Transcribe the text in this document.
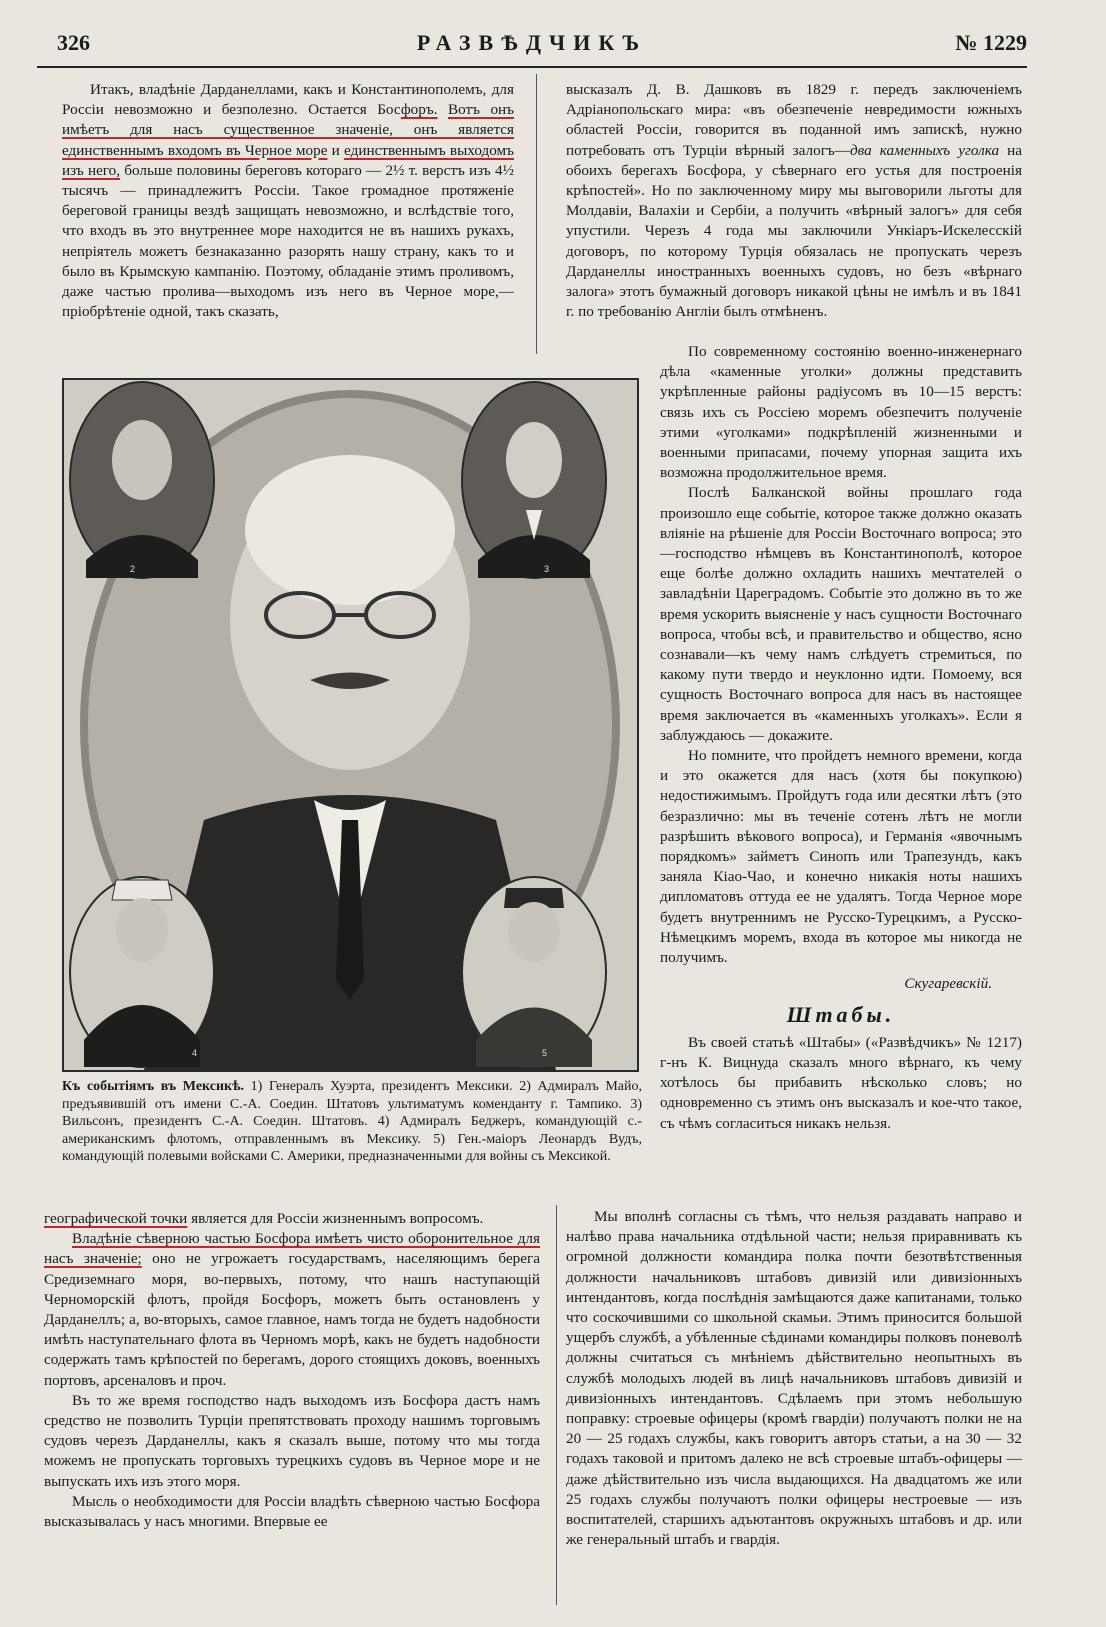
326	РАЗВѢДЧИКЪ	№ 1229

Итакъ, владѣніе Дарданеллами, какъ и Константинополемъ, для Россіи невозможно и безполезно. Остается Босфоръ. Вотъ онъ имѣетъ для насъ существенное значеніе, онъ является единственнымъ входомъ въ Черное море и единственнымъ выходомъ изъ него, больше половины береговъ котораго — 2½ т. верстъ изъ 4½ тысячъ — принадлежитъ Россіи. Такое громадное протяженіе береговой границы вездѣ защищать невозможно, и вслѣдствіе того, что входъ въ это внутреннее море находится не въ нашихъ рукахъ, непріятель можетъ безнаказанно разорять нашу страну, какъ то и было въ Крымскую кампанію. Поэтому, обладаніе этимъ проливомъ, даже частью пролива—выходомъ изъ него въ Черное море,—пріобрѣтеніе одной, такъ сказать,

высказалъ Д. В. Дашковъ въ 1829 г. передъ заключеніемъ Адріанопольскаго мира: «въ обезпеченіе невредимости южныхъ областей Россіи, говорится въ поданной имъ запискѣ, нужно потребовать отъ Турціи вѣрный залогъ—два каменныхъ уголка на обоихъ берегахъ Босфора, у сѣвернаго его устья для построенія крѣпостей». Но по заключенному миру мы выговорили льготы для Молдавіи, Валахіи и Сербіи, а получить «вѣрный залогъ» для себя упустили. Черезъ 4 года мы заключили Ункіаръ-Искелесскій договоръ, по которому Турція обязалась не пропускать черезъ Дарданеллы иностранныхъ военныхъ судовъ, но безъ «вѣрнаго залога» этотъ бумажный договоръ никакой цѣны не имѣлъ и въ 1841 г. по требованію Англіи былъ отмѣненъ.

По современному состоянію военно-инженернаго дѣла «каменные уголки» должны представить укрѣпленные районы радіусомъ въ 10—15 верстъ: связь ихъ съ Россіею моремъ обезпечитъ полученіе этими «уголками» подкрѣпленій жизненными и военными припасами, почему упорная защита ихъ возможна продолжительное время.

Послѣ Балканской войны прошлаго года произошло еще событіе, которое также должно оказать вліяніе на рѣшеніе для Россіи Восточнаго вопроса; это—господство нѣмцевъ въ Константинополѣ, которое еще болѣе должно охладить нашихъ мечтателей о завладѣніи Цареградомъ. Событіе это должно въ то же время ускорить выясненіе у насъ сущности Восточнаго вопроса, чтобы всѣ, и правительство и общество, ясно сознавали—къ чему намъ слѣдуетъ стремиться, по какому пути твердо и неуклонно идти. Помоему, вся сущность Восточнаго вопроса для насъ въ настоящее время заключается въ «каменныхъ уголкахъ». Если я заблуждаюсь — докажите.

Но помните, что пройдетъ немного времени, когда и это окажется для насъ (хотя бы покупкою) недостижимымъ. Пройдутъ года или десятки лѣтъ (это безразлично: мы въ теченіе сотенъ лѣтъ не могли разрѣшить вѣкового вопроса), и Германія «явочнымъ порядкомъ» займетъ Синопъ или Трапезундъ, какъ заняла Кіао-Чао, и конечно никакія ноты нашихъ дипломатовъ оттуда ее не удалятъ. Тогда Черное море будетъ внутреннимъ не Русско-Турецкимъ, а Русско-Нѣмецкимъ моремъ, входа въ которое мы никогда не получимъ.

Скугаревскій.
Штабы.

Въ своей статьѣ «Штабы» («Развѣдчикъ» № 1217) г-нъ К. Вицнуда сказалъ много вѣрнаго, къ чему хотѣлось бы прибавить нѣсколько словъ; но одновременно съ этимъ онъ высказалъ и кое-что такое, съ чѣмъ согласиться никакъ нельзя.

Мы вполнѣ согласны съ тѣмъ, что нельзя раздавать направо и налѣво права начальника отдѣльной части; нельзя приравнивать къ огромной должности командира полка почти безотвѣтственныя должности начальниковъ штабовъ дивизій или дивизіонныхъ интендантовъ, когда послѣднія замѣщаются даже капитанами, только что соскочившими со школьной скамьи. Этимъ приносится большой ущербъ службѣ, а убѣленные сѣдинами командиры полковъ поневолѣ должны считаться съ мнѣніемъ дѣйствительно неопытныхъ въ службѣ молодыхъ людей въ лицѣ начальниковъ штабовъ дивизій и дивизіонныхъ интендантовъ. Сдѣлаемъ при этомъ небольшую поправку: строевые офицеры (кромѣ гвардіи) получаютъ полки не на 20 — 25 годахъ службы, какъ говоритъ авторъ статьи, а на 30 — 32 годахъ таковой и притомъ далеко не всѣ строевые штабъ-офицеры — даже дѣйствительно изъ числа выдающихся. На двадцатомъ же или 25 годахъ службы получаютъ полки офицеры нестроевые — изъ воспитателей, старшихъ адъютантовъ окружныхъ штабовъ и др. или же генеральный штабъ и гвардія.

2	3
4	5
Къ событіямъ въ Мексикѣ. 1) Генералъ Хуэрта, президентъ Мексики. 2) Адмиралъ Майо, предъявившій отъ имени С.-А. Соедин. Штатовъ ультиматумъ коменданту г. Тампико. 3) Вильсонъ, президентъ С.-А. Соедин. Штатовъ. 4) Адмиралъ Беджеръ, командующій с.-американскимъ флотомъ, отправленнымъ въ Мексику. 5) Ген.-маіоръ Леонардъ Вудъ, командующій полевыми войсками С. Америки, предназначенными для войны съ Мексикой.

географической точки является для Россіи жизненнымъ вопросомъ.

Владѣніе сѣверною частью Босфора имѣетъ чисто оборонительное для насъ значеніе; оно не угрожаетъ государствамъ, населяющимъ берега Средиземнаго моря, во-первыхъ, потому, что нашъ наступающій Черноморскій флотъ, пройдя Босфоръ, можетъ быть остановленъ у Дарданеллъ; а, во-вторыхъ, самое главное, намъ тогда не будетъ надобности имѣть наступательнаго флота въ Черномъ морѣ, какъ не будетъ надобности содержать тамъ крѣпостей по берегамъ, дорого стоящихъ доковъ, военныхъ портовъ, арсеналовъ и проч.

Въ то же время господство надъ выходомъ изъ Босфора дастъ намъ средство не позволить Турціи препятствовать проходу нашимъ торговымъ судовъ черезъ Дарданеллы, какъ я сказалъ выше, потому что мы тогда можемъ не пропускать торговыхъ турецкихъ судовъ въ Черное море и не выпускать ихъ изъ этого моря.

Мысль о необходимости для Россіи владѣть сѣверною частью Босфора высказывалась у насъ многими. Впервые ее
